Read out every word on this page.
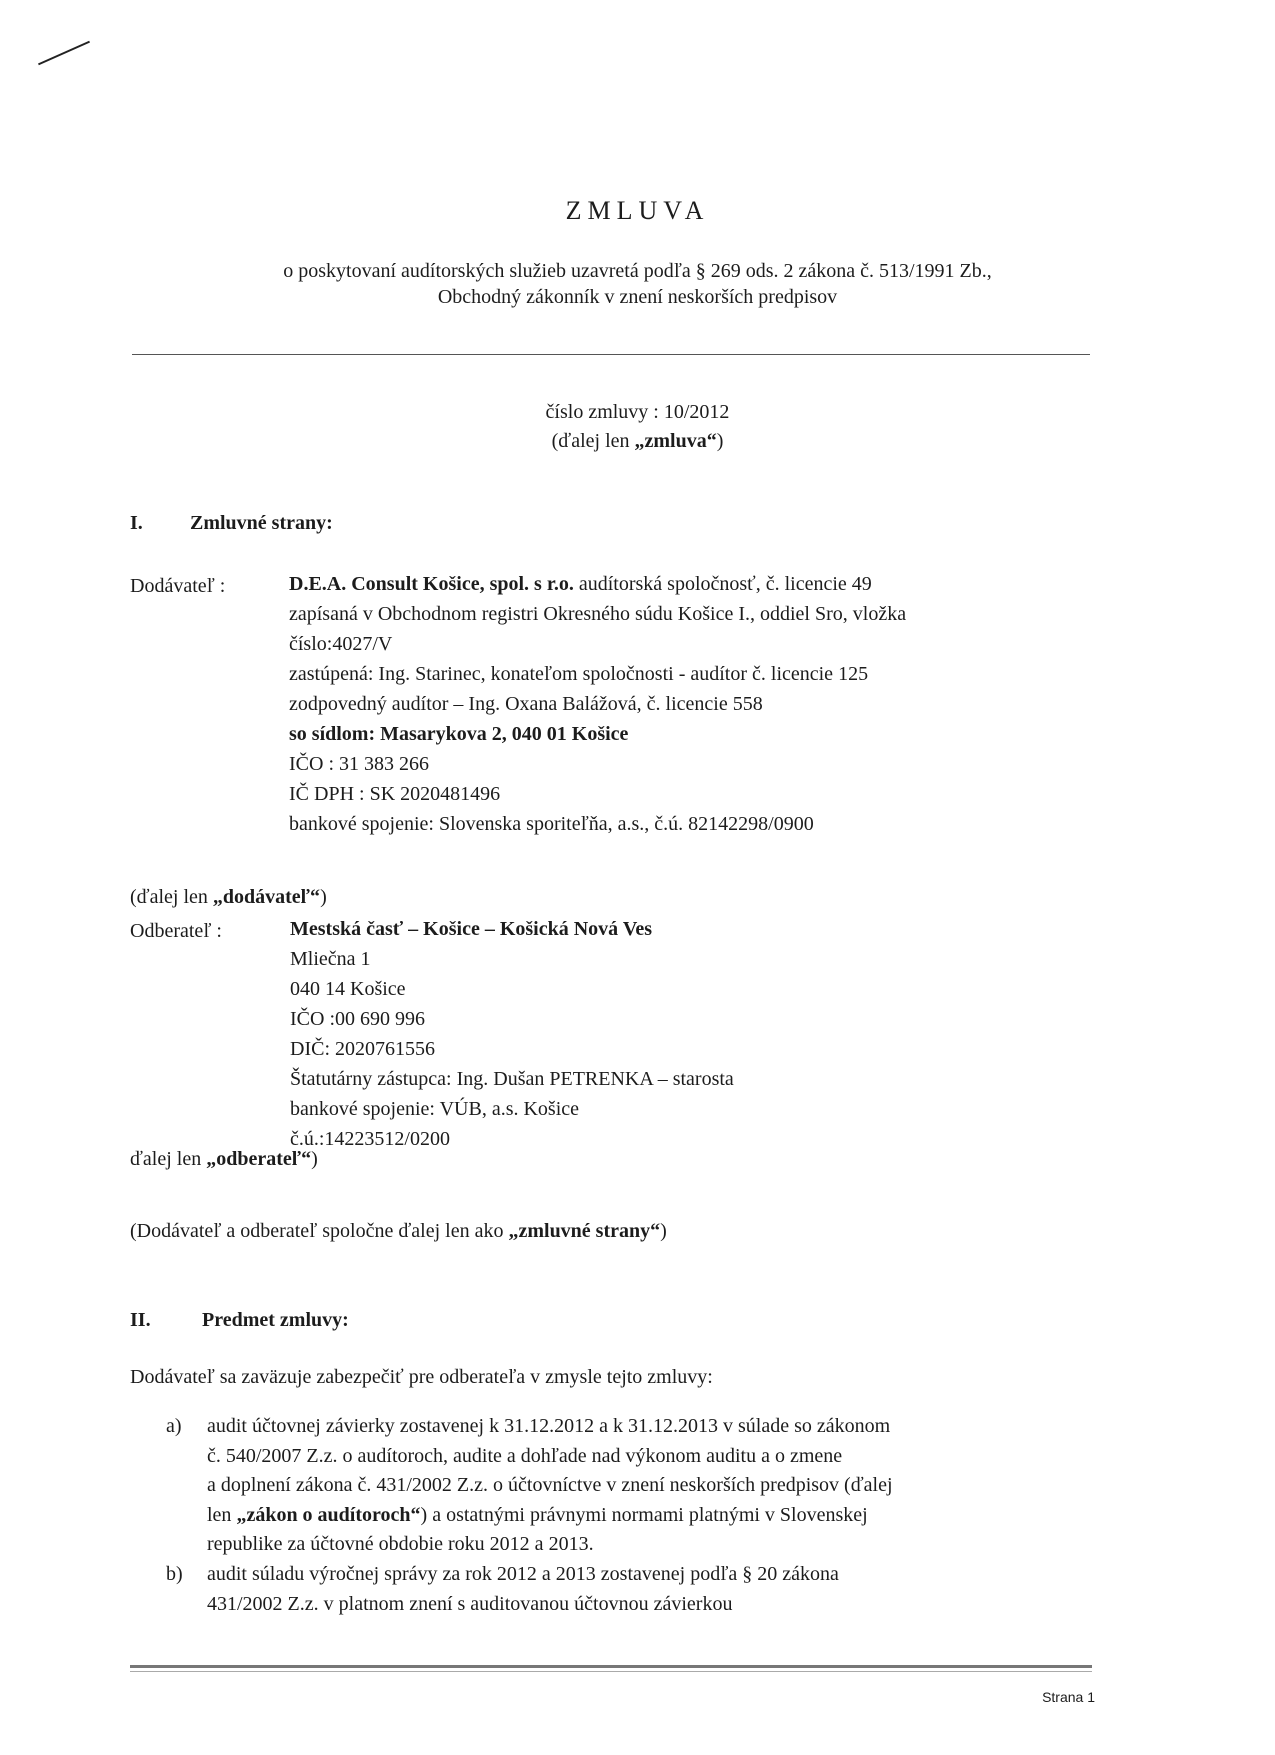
ZMLUVA
o poskytovaní audítorských služieb uzavretá podľa § 269 ods. 2 zákona č. 513/1991 Zb.,
Obchodný zákonník v znení neskorších predpisov
číslo zmluvy : 10/2012
(ďalej len „zmluva“)
I. Zmluvné strany:
Dodávateľ :	D.E.A. Consult Košice, spol. s r.o. audítorská spoločnosť, č. licencie 49
zapísaná v Obchodnom registri Okresného súdu Košice I., oddiel Sro, vložka
číslo:4027/V
zastúpená: Ing. Starinec, konateľom spoločnosti - audítor č. licencie 125
zodpovedný audítor – Ing. Oxana Balážová, č. licencie 558
so sídlom: Masarykova 2, 040 01 Košice
IČO : 31 383 266
IČ DPH : SK 2020481496
bankové spojenie: Slovenska sporiteľňa, a.s., č.ú. 82142298/0900
(ďalej len „dodávateľ“)
Odberateľ :	Mestská časť – Košice – Košická Nová Ves
Mliečna 1
040 14 Košice
IČO :00 690 996
DIČ: 2020761556
Štatutárny zástupca: Ing. Dušan PETRENKA – starosta
bankové spojenie: VÚB, a.s. Košice
č.ú.:14223512/0200
ďalej len „odberateľ“)
(Dodávateľ a odberateľ spoločne ďalej len ako „zmluvné strany“)
II.	Predmet zmluvy:
Dodávateľ sa zaväzuje zabezpečiť pre odberateľa v zmysle tejto zmluvy:
a)	audit účtovnej závierky zostavenej k 31.12.2012 a k 31.12.2013 v súlade so zákonom
č. 540/2007 Z.z. o audítoroch, audite a dohľade nad výkonom auditu a o zmene
a doplnení zákona č. 431/2002 Z.z. o účtovníctve v znení neskorších predpisov (ďalej
len „zákon o audítoroch“) a ostatnými právnymi normami platnými v Slovenskej
republike za účtovné obdobie roku 2012 a 2013.
b)	audit súladu výročnej správy za rok 2012 a 2013 zostavenej podľa § 20 zákona
431/2002 Z.z. v platnom znení s auditovanou účtovnou závierkou
Strana 1
